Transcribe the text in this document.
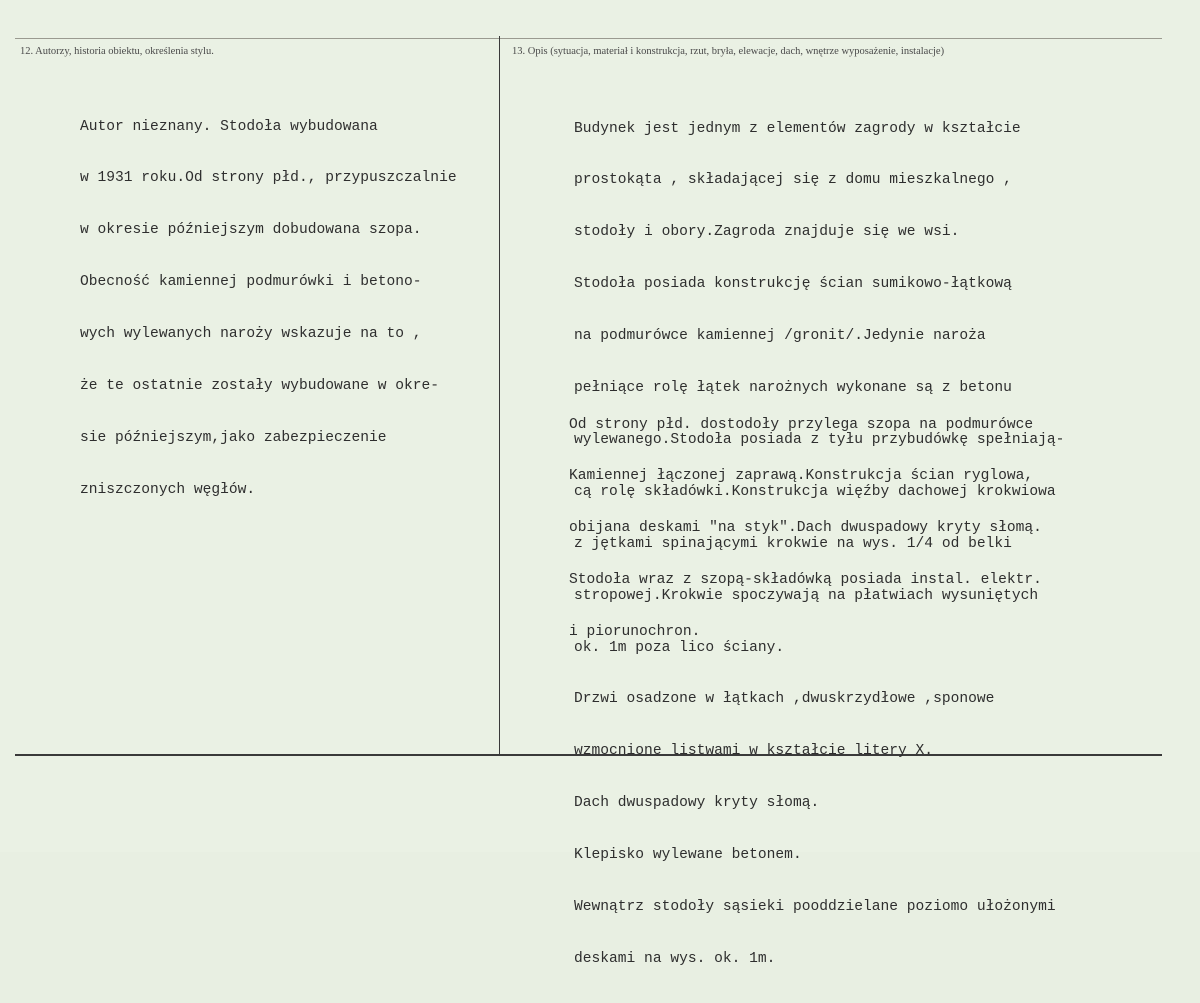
12. Autorzy, historia obiektu, określenia stylu.	13. Opis (sytuacja, materiał i konstrukcja, rzut, bryła, elewacje, dach, wnętrze wyposażenie, instalacje)

Autor nieznany. Stodoła wybudowana

w 1931 roku.Od strony płd., przypuszczalnie

w okresie późniejszym dobudowana szopa.

Obecność kamiennej podmurówki i betono-

wych wylewanych naroży wskazuje na to ,

że te ostatnie zostały wybudowane w okre-

sie późniejszym,jako zabezpieczenie

zniszczonych węgłów.

Budynek jest jednym z elementów zagrody w kształcie

prostokąta , składającej się z domu mieszkalnego ,

stodoły i obory.Zagroda znajduje się we wsi.

Stodoła posiada konstrukcję ścian sumikowo-łątkową

na podmurówce kamiennej /gronit/.Jedynie naroża

pełniące rolę łątek narożnych wykonane są z betonu

wylewanego.Stodoła posiada z tyłu przybudówkę spełniają-

cą rolę składówki.Konstrukcja więźby dachowej krokwiowa

z jętkami spinającymi krokwie na wys. 1/4 od belki

stropowej.Krokwie spoczywają na płatwiach wysuniętych

ok. 1m poza lico ściany.

Drzwi osadzone w łątkach ,dwuskrzydłowe ,sponowe

wzmocnione listwami w kształcie litery X.

Dach dwuspadowy kryty słomą.

Klepisko wylewane betonem.

Wewnątrz stodoły sąsieki pooddzielane poziomo ułożonymi

deskami na wys. ok. 1m.

Od strony płd. dostodoły przylega szopa na podmurówce

Kamiennej łączonej zaprawą.Konstrukcja ścian ryglowa,

obijana deskami "na styk".Dach dwuspadowy kryty słomą.

Stodoła wraz z szopą-składówką posiada instal. elektr.

i piorunochron.
